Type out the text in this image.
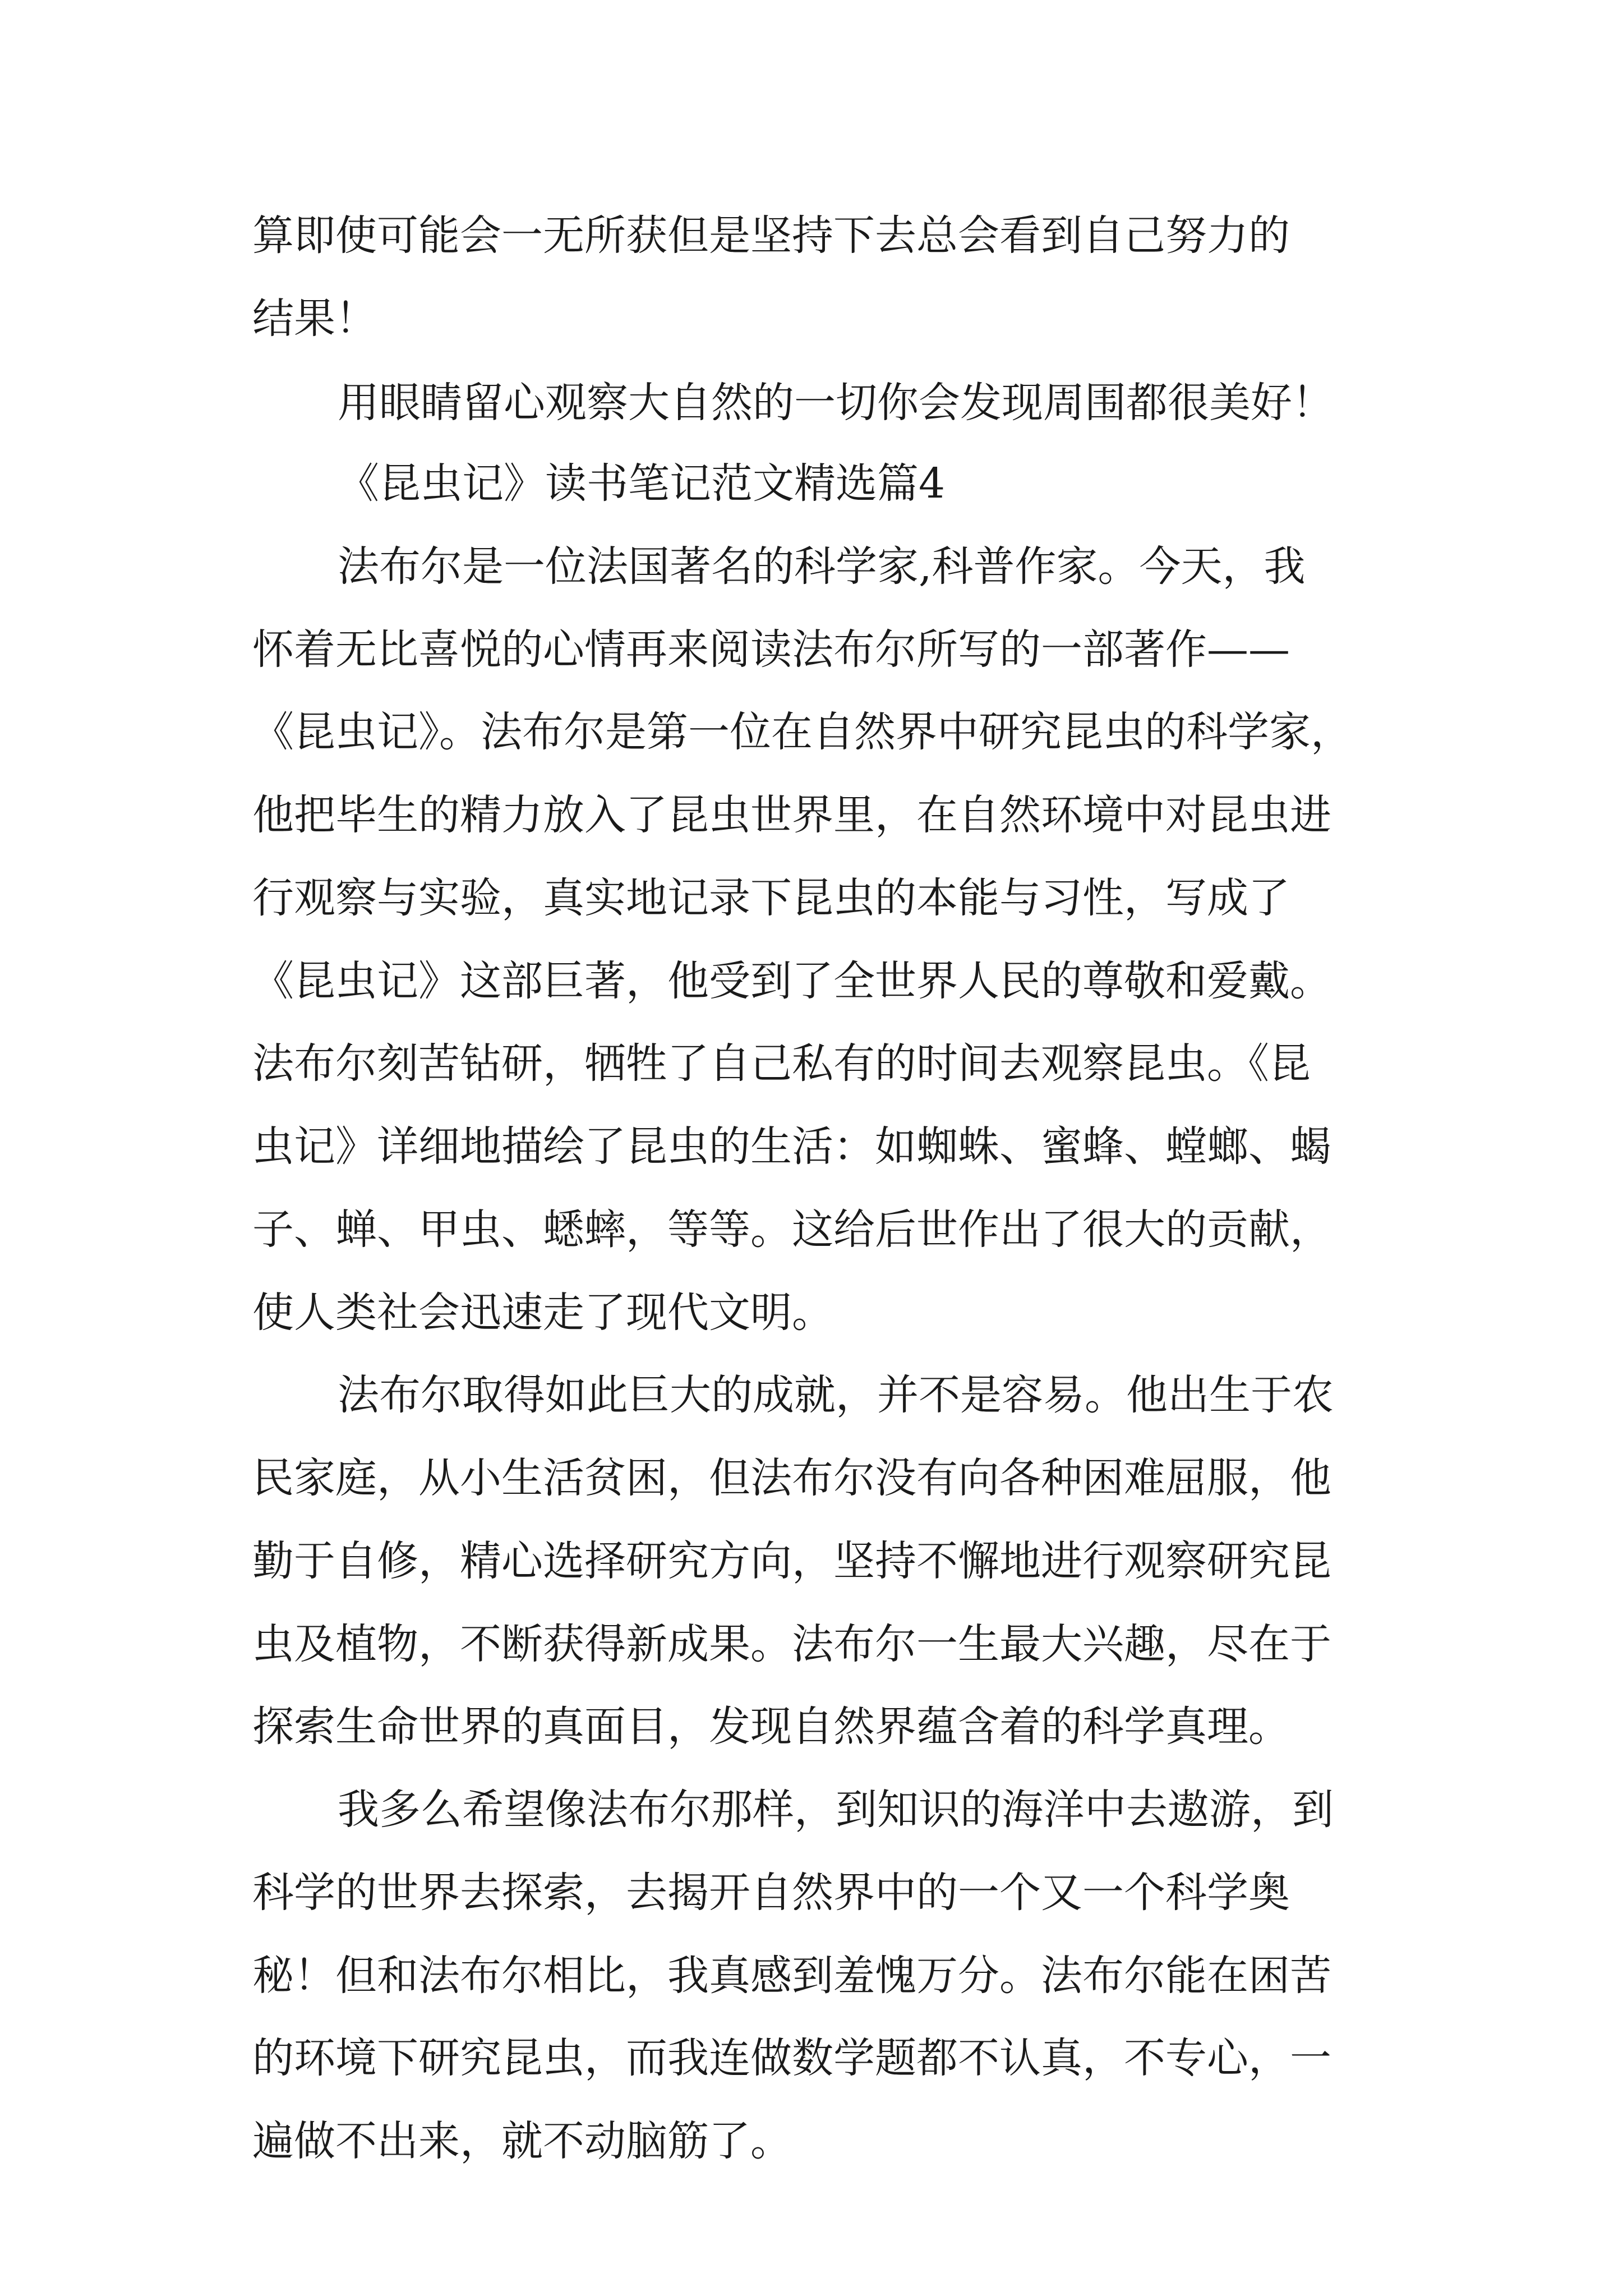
算即使可能会一无所获但是坚持下去总会看到自己努力的
结果！
用眼睛留心观察大自然的一切你会发现周围都很美好！
《昆虫记》读书笔记范文精选篇4
法布尔是一位法国著名的科学家,科普作家。今天，我
怀着无比喜悦的心情再来阅读法布尔所写的一部著作——
《昆虫记》。法布尔是第一位在自然界中研究昆虫的科学家，
他把毕生的精力放入了昆虫世界里，在自然环境中对昆虫进
行观察与实验，真实地记录下昆虫的本能与习性，写成了
《昆虫记》这部巨著，他受到了全世界人民的尊敬和爱戴。
法布尔刻苦钻研，牺牲了自己私有的时间去观察昆虫。《昆
虫记》详细地描绘了昆虫的生活：如蜘蛛、蜜蜂、螳螂、蝎
子、蝉、甲虫、蟋蟀，等等。这给后世作出了很大的贡献，
使人类社会迅速走了现代文明。
法布尔取得如此巨大的成就，并不是容易。他出生于农
民家庭，从小生活贫困，但法布尔没有向各种困难屈服，他
勤于自修，精心选择研究方向，坚持不懈地进行观察研究昆
虫及植物，不断获得新成果。法布尔一生最大兴趣，尽在于
探索生命世界的真面目，发现自然界蕴含着的科学真理。
我多么希望像法布尔那样，到知识的海洋中去遨游，到
科学的世界去探索，去揭开自然界中的一个又一个科学奥
秘！但和法布尔相比，我真感到羞愧万分。法布尔能在困苦
的环境下研究昆虫，而我连做数学题都不认真，不专心，一
遍做不出来，就不动脑筋了。
